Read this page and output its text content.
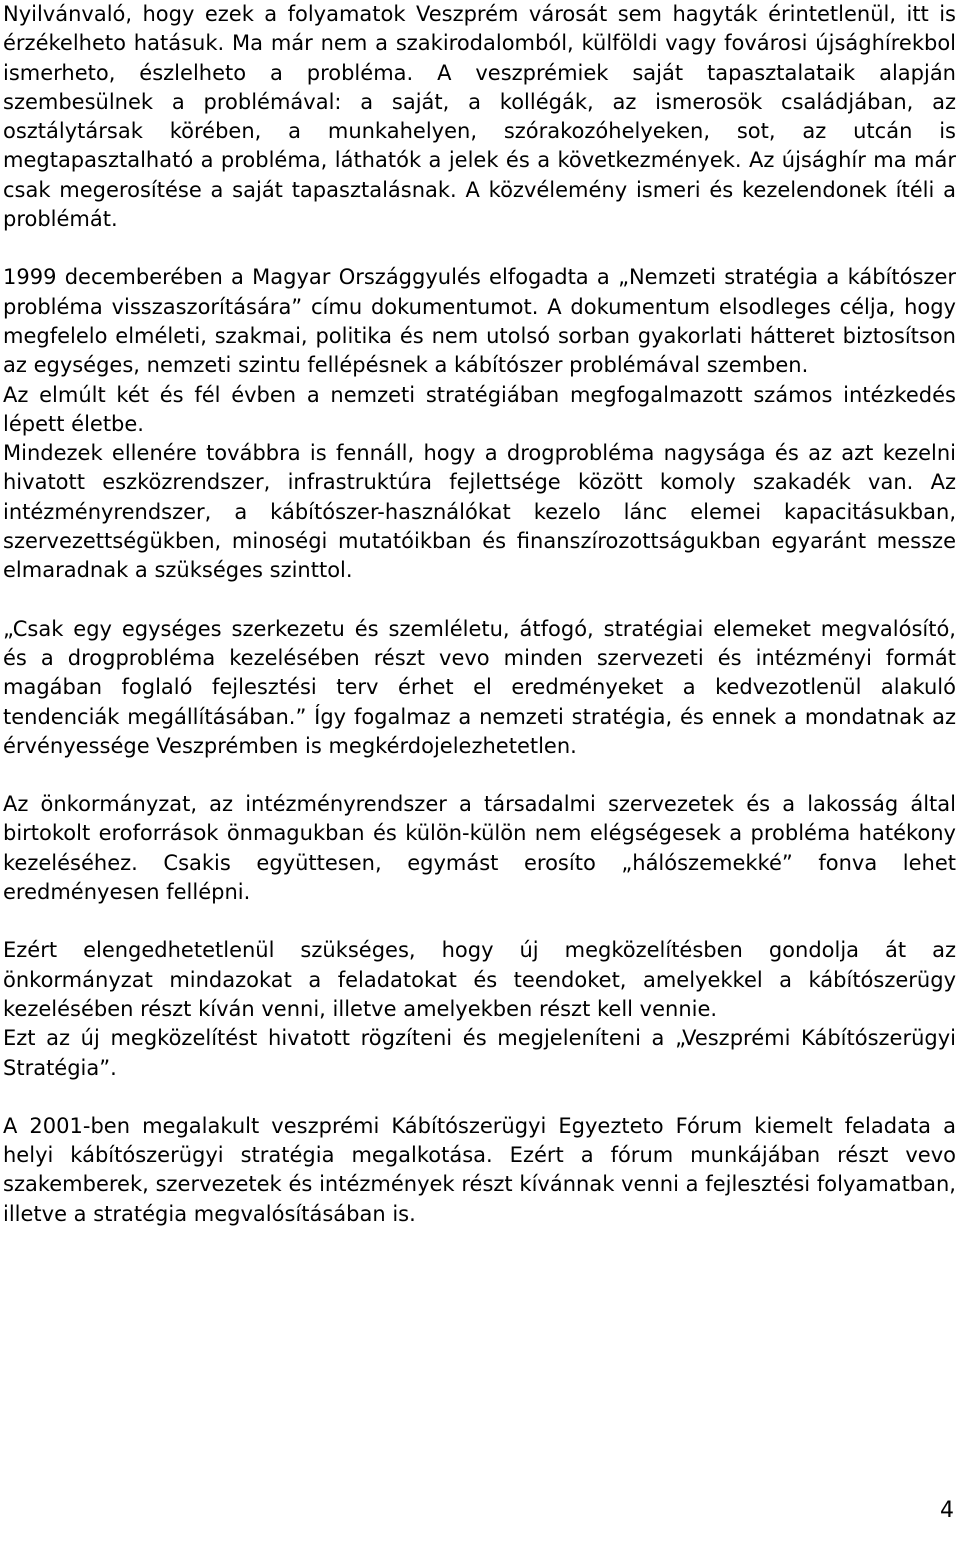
Nyilvánvaló, hogy ezek a folyamatok Veszprém városát sem hagyták érintetlenül, itt is érzékelheto hatásuk. Ma már nem a szakirodalomból, külföldi vagy fovárosi újsághírekbol ismerheto, észlelheto a probléma. A veszprémiek saját tapasztalataik alapján szembesülnek a problémával: a saját, a kollégák, az ismerosök családjában, az osztálytársak körében, a munkahelyen, szórakozóhelyeken, sot, az utcán is megtapasztalható a probléma, láthatók a jelek és a következmények. Az újsághír ma már csak megerosítése a saját tapasztalásnak. A közvélemény ismeri és kezelendonek ítéli a problémát.

1999 decemberében a Magyar Országgyulés elfogadta a „Nemzeti stratégia a kábítószer probléma visszaszorítására” címu dokumentumot. A dokumentum elsodleges célja, hogy megfelelo elméleti, szakmai, politika és nem utolsó sorban gyakorlati hátteret biztosítson az egységes, nemzeti szintu fellépésnek a kábítószer problémával szemben.

Az elmúlt két és fél évben a nemzeti stratégiában megfogalmazott számos intézkedés lépett életbe.

Mindezek ellenére továbbra is fennáll, hogy a drogprobléma nagysága és az azt kezelni hivatott eszközrendszer, infrastruktúra fejlettsége között komoly szakadék van. Az intézményrendszer, a kábítószer-használókat kezelo lánc elemei kapacitásukban, szervezettségükben, minoségi mutatóikban és finanszírozottságukban egyaránt messze elmaradnak a szükséges szinttol.

„Csak egy egységes szerkezetu és szemléletu, átfogó, stratégiai elemeket megvalósító, és a drogprobléma kezelésében részt vevo minden szervezeti és intézményi formát magában foglaló fejlesztési terv érhet el eredményeket a kedvezotlenül alakuló tendenciák megállításában.” Így fogalmaz a nemzeti stratégia, és ennek a mondatnak az érvényessége Veszprémben is megkérdojelezhetetlen.

Az önkormányzat, az intézményrendszer a társadalmi szervezetek és a lakosság által birtokolt eroforrások önmagukban és külön-külön nem elégségesek a probléma hatékony kezeléséhez. Csakis együttesen, egymást erosíto „hálószemekké” fonva lehet eredményesen fellépni.

Ezért elengedhetetlenül szükséges, hogy új megközelítésben gondolja át az önkormányzat mindazokat a feladatokat és teendoket, amelyekkel a kábítószerügy kezelésében részt kíván venni, illetve amelyekben részt kell vennie.

Ezt az új megközelítést hivatott rögzíteni és megjeleníteni a „Veszprémi Kábítószerügyi Stratégia”.

A 2001-ben megalakult veszprémi Kábítószerügyi Egyezteto Fórum kiemelt feladata a helyi kábítószerügyi stratégia megalkotása. Ezért a fórum munkájában részt vevo szakemberek, szervezetek és intézmények részt kívánnak venni a fejlesztési folyamatban, illetve a stratégia megvalósításában is.

4
